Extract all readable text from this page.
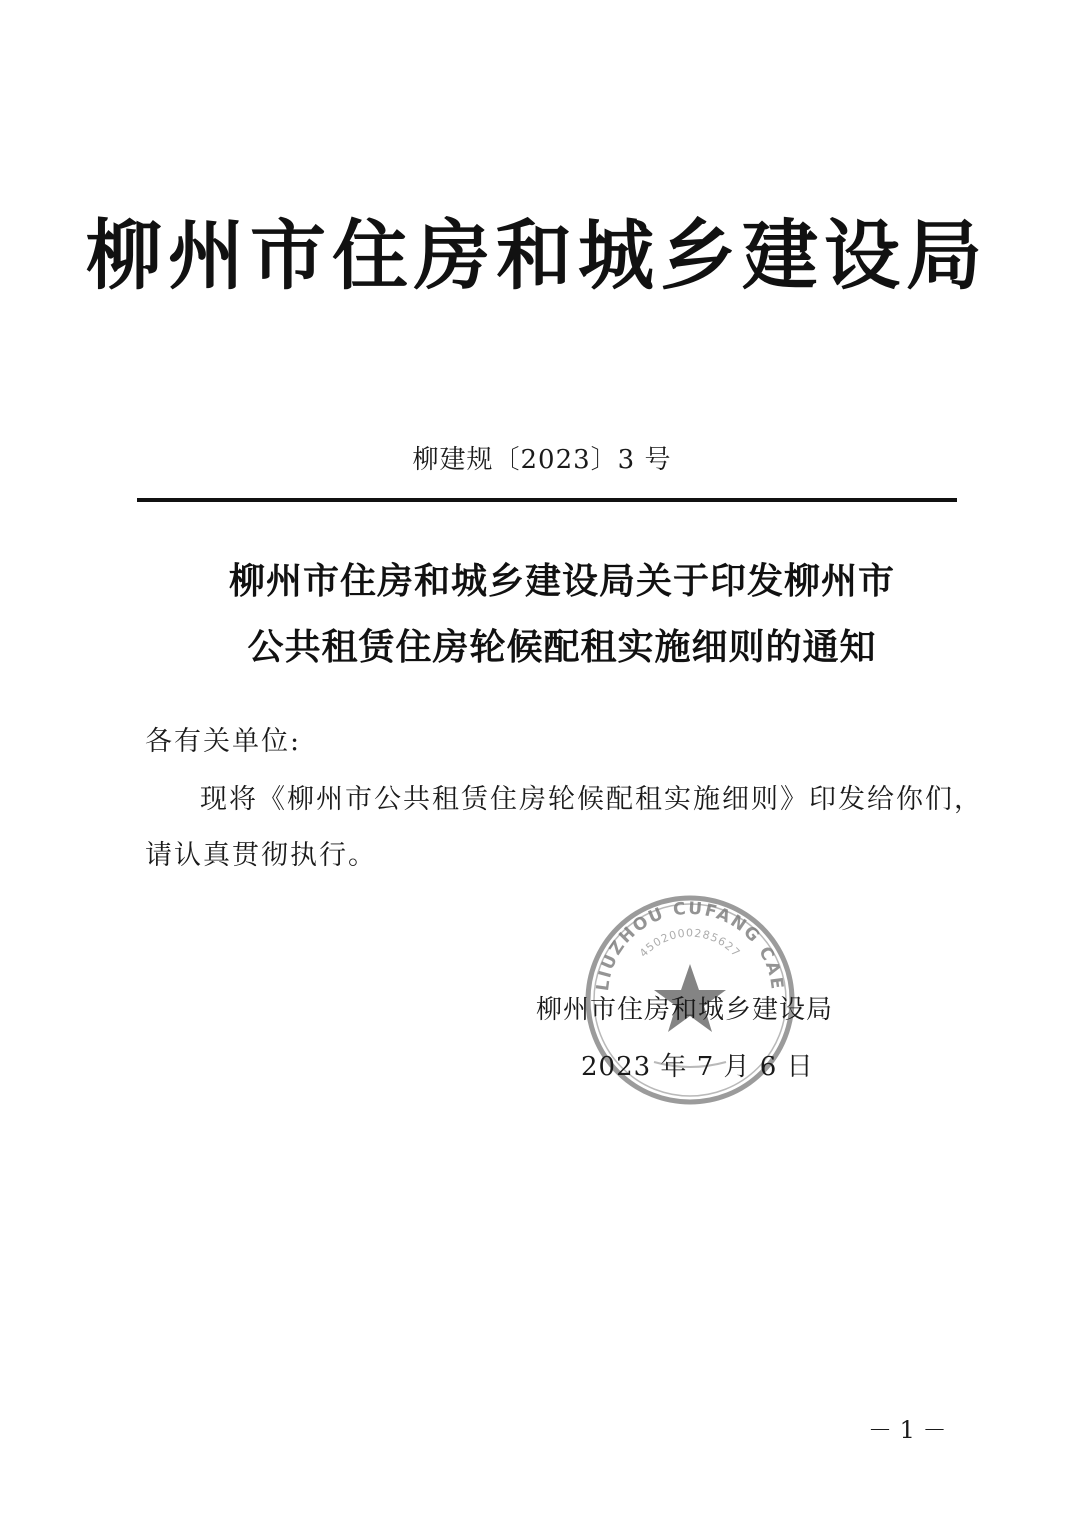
柳州市住房和城乡建设局
柳建规〔2023〕3 号
柳州市住房和城乡建设局关于印发柳州市
公共租赁住房轮候配租实施细则的通知
各有关单位:
现将《柳州市公共租赁住房轮候配租实施细则》印发给你们，
请认真贯彻执行。
LIUZHOU CUFANG CAE
4502000285627
柳州市住房和城乡建设局
2023 年 7 月 6 日
－ 1 －
